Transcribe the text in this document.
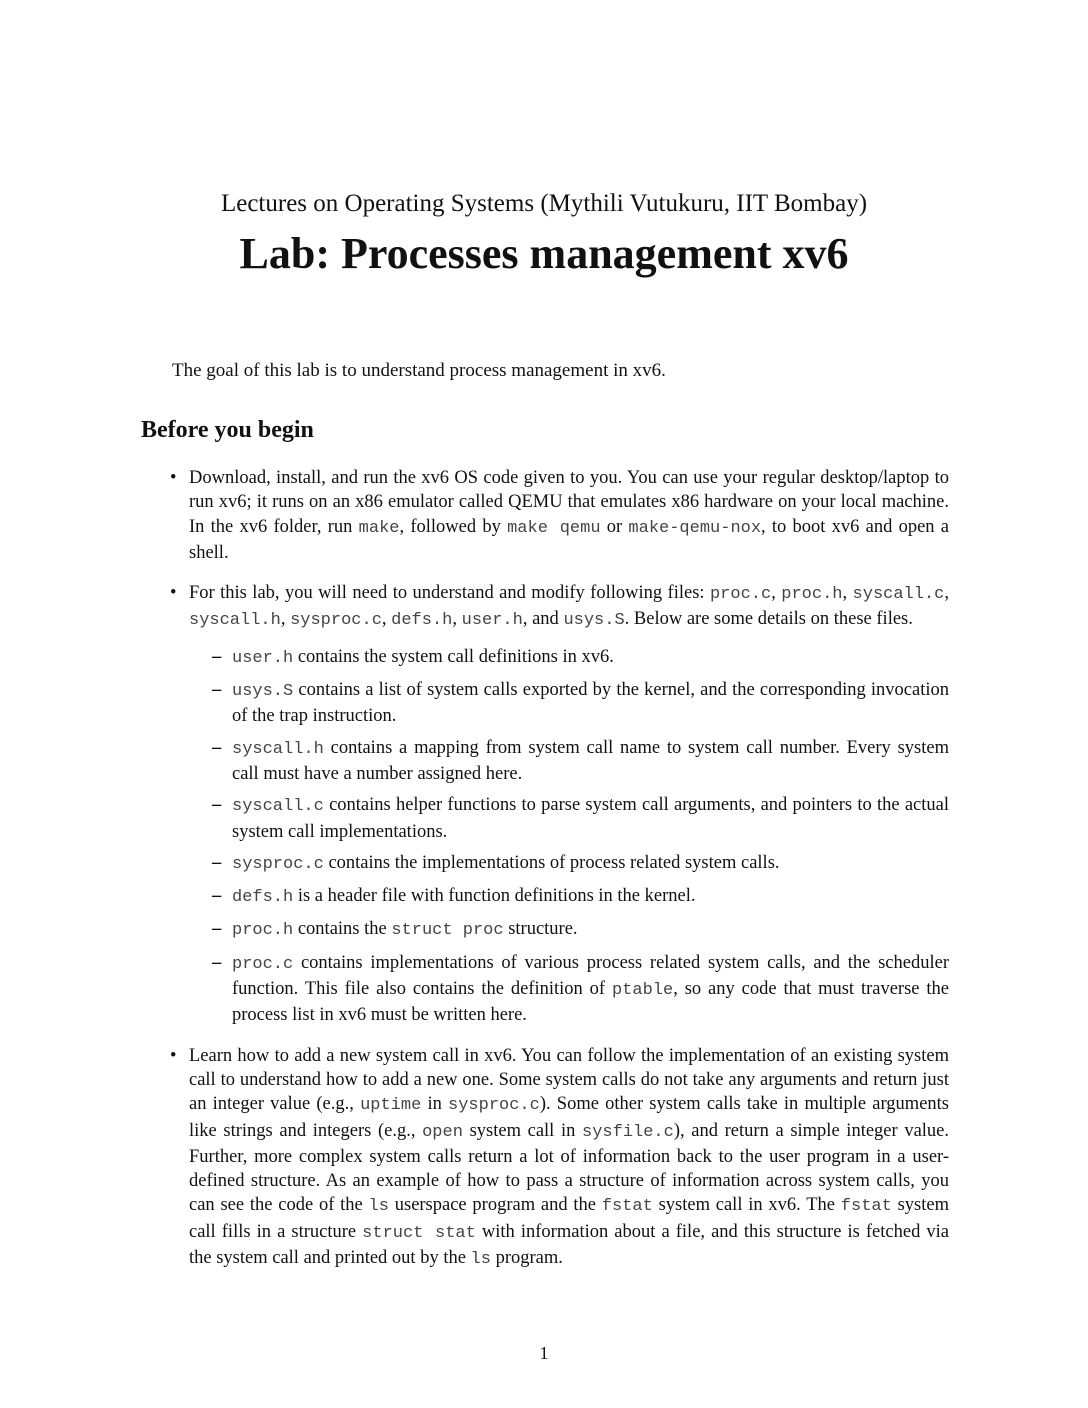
Lectures on Operating Systems (Mythili Vutukuru, IIT Bombay)
Lab: Processes management xv6
The goal of this lab is to understand process management in xv6.
Before you begin
• Download, install, and run the xv6 OS code given to you. You can use your regular desktop/laptop to run xv6; it runs on an x86 emulator called QEMU that emulates x86 hardware on your local machine. In the xv6 folder, run make, followed by make qemu or make-qemu-nox, to boot xv6 and open a shell.
• For this lab, you will need to understand and modify following files: proc.c, proc.h, syscall.c, syscall.h, sysproc.c, defs.h, user.h, and usys.S. Below are some details on these files.
– user.h contains the system call definitions in xv6.
– usys.S contains a list of system calls exported by the kernel, and the corresponding invocation of the trap instruction.
– syscall.h contains a mapping from system call name to system call number. Every system call must have a number assigned here.
– syscall.c contains helper functions to parse system call arguments, and pointers to the actual system call implementations.
– sysproc.c contains the implementations of process related system calls.
– defs.h is a header file with function definitions in the kernel.
– proc.h contains the struct proc structure.
– proc.c contains implementations of various process related system calls, and the scheduler function. This file also contains the definition of ptable, so any code that must traverse the process list in xv6 must be written here.
• Learn how to add a new system call in xv6. You can follow the implementation of an existing system call to understand how to add a new one. Some system calls do not take any arguments and return just an integer value (e.g., uptime in sysproc.c). Some other system calls take in multiple arguments like strings and integers (e.g., open system call in sysfile.c), and return a simple integer value. Further, more complex system calls return a lot of information back to the user program in a user-defined structure. As an example of how to pass a structure of information across system calls, you can see the code of the ls userspace program and the fstat system call in xv6. The fstat system call fills in a structure struct stat with information about a file, and this structure is fetched via the system call and printed out by the ls program.
1
